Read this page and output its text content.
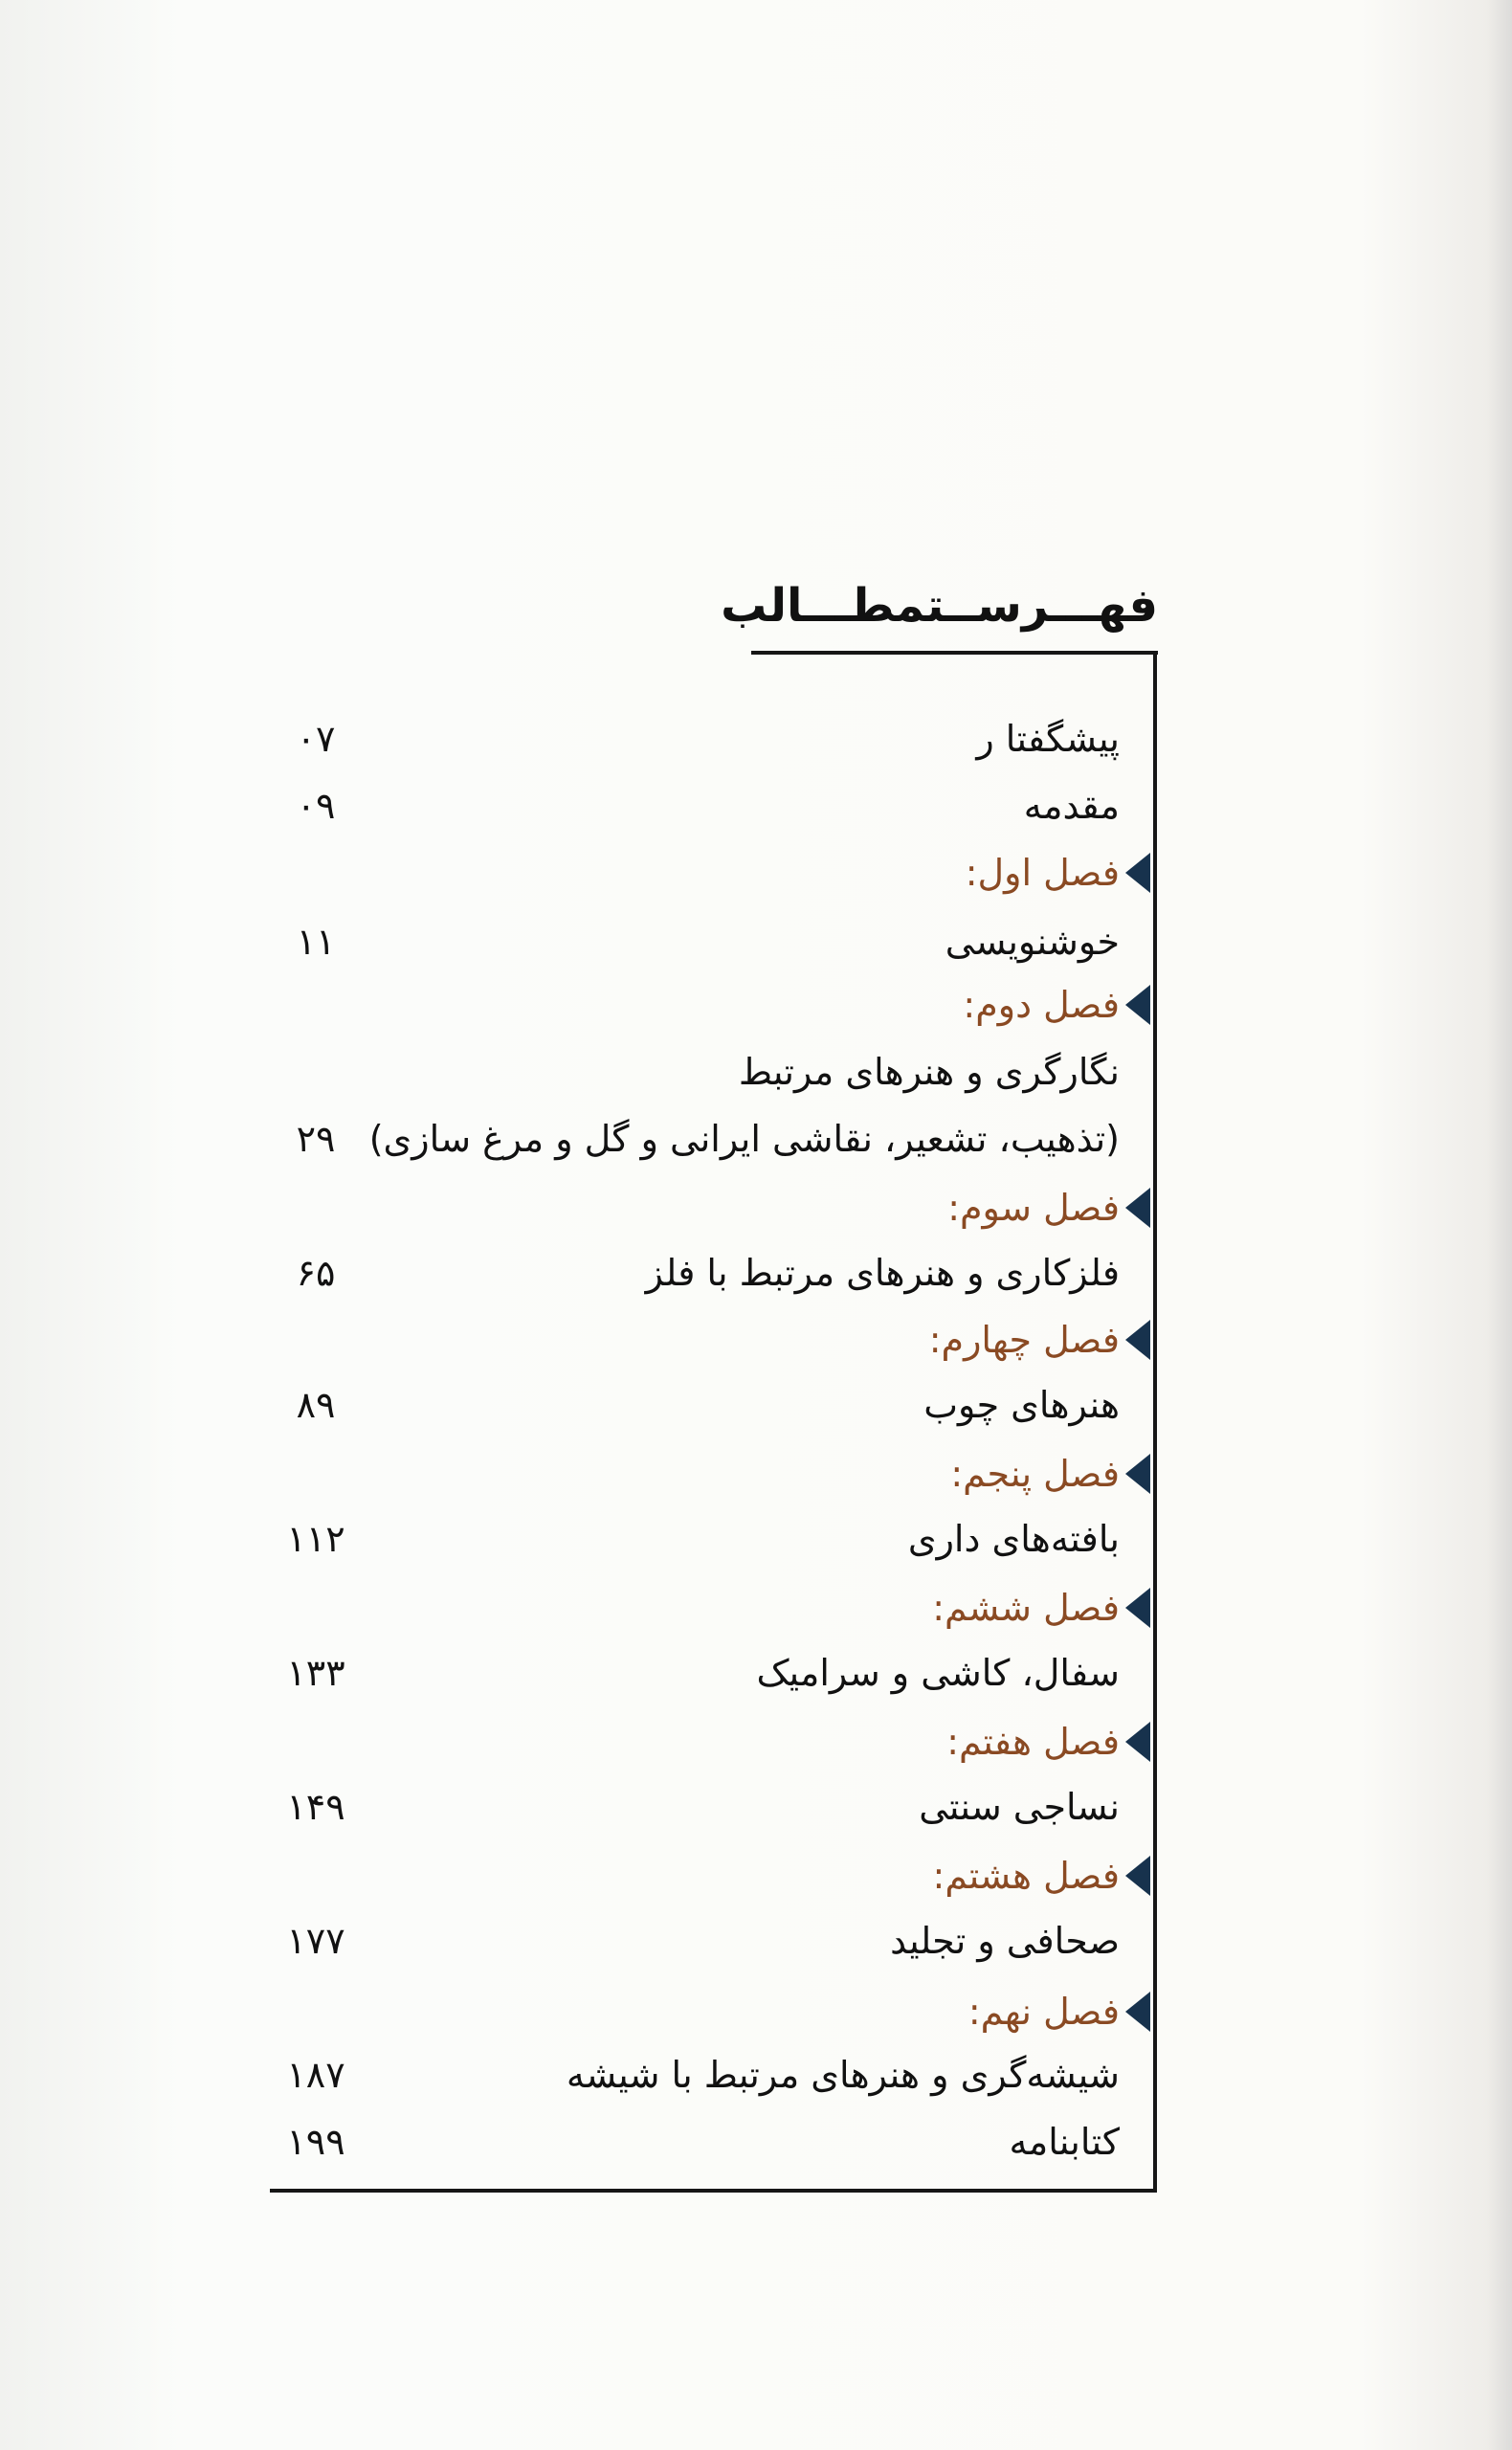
فهـــرســتمطـــالب
پیشگفتا ر
۰۷
مقدمه
۰۹
فصل اول:
خوشنویسی
۱۱
فصل دوم:
نگارگری و هنرهای مرتبط
(تذهیب، تشعیر، نقاشی ایرانی و گل و مرغ سازی)
۲۹
فصل سوم:
فلزکاری و هنرهای مرتبط با فلز
۶۵
فصل چهارم:
هنرهای چوب
۸۹
فصل پنجم:
بافته‌های داری
۱۱۲
فصل ششم:
سفال، کاشی و سرامیک
۱۳۳
فصل هفتم:
نساجی سنتی
۱۴۹
فصل هشتم:
صحافی و تجلید
۱۷۷
فصل نهم:
شیشه‌گری و هنرهای مرتبط با شیشه
۱۸۷
کتابنامه
۱۹۹
